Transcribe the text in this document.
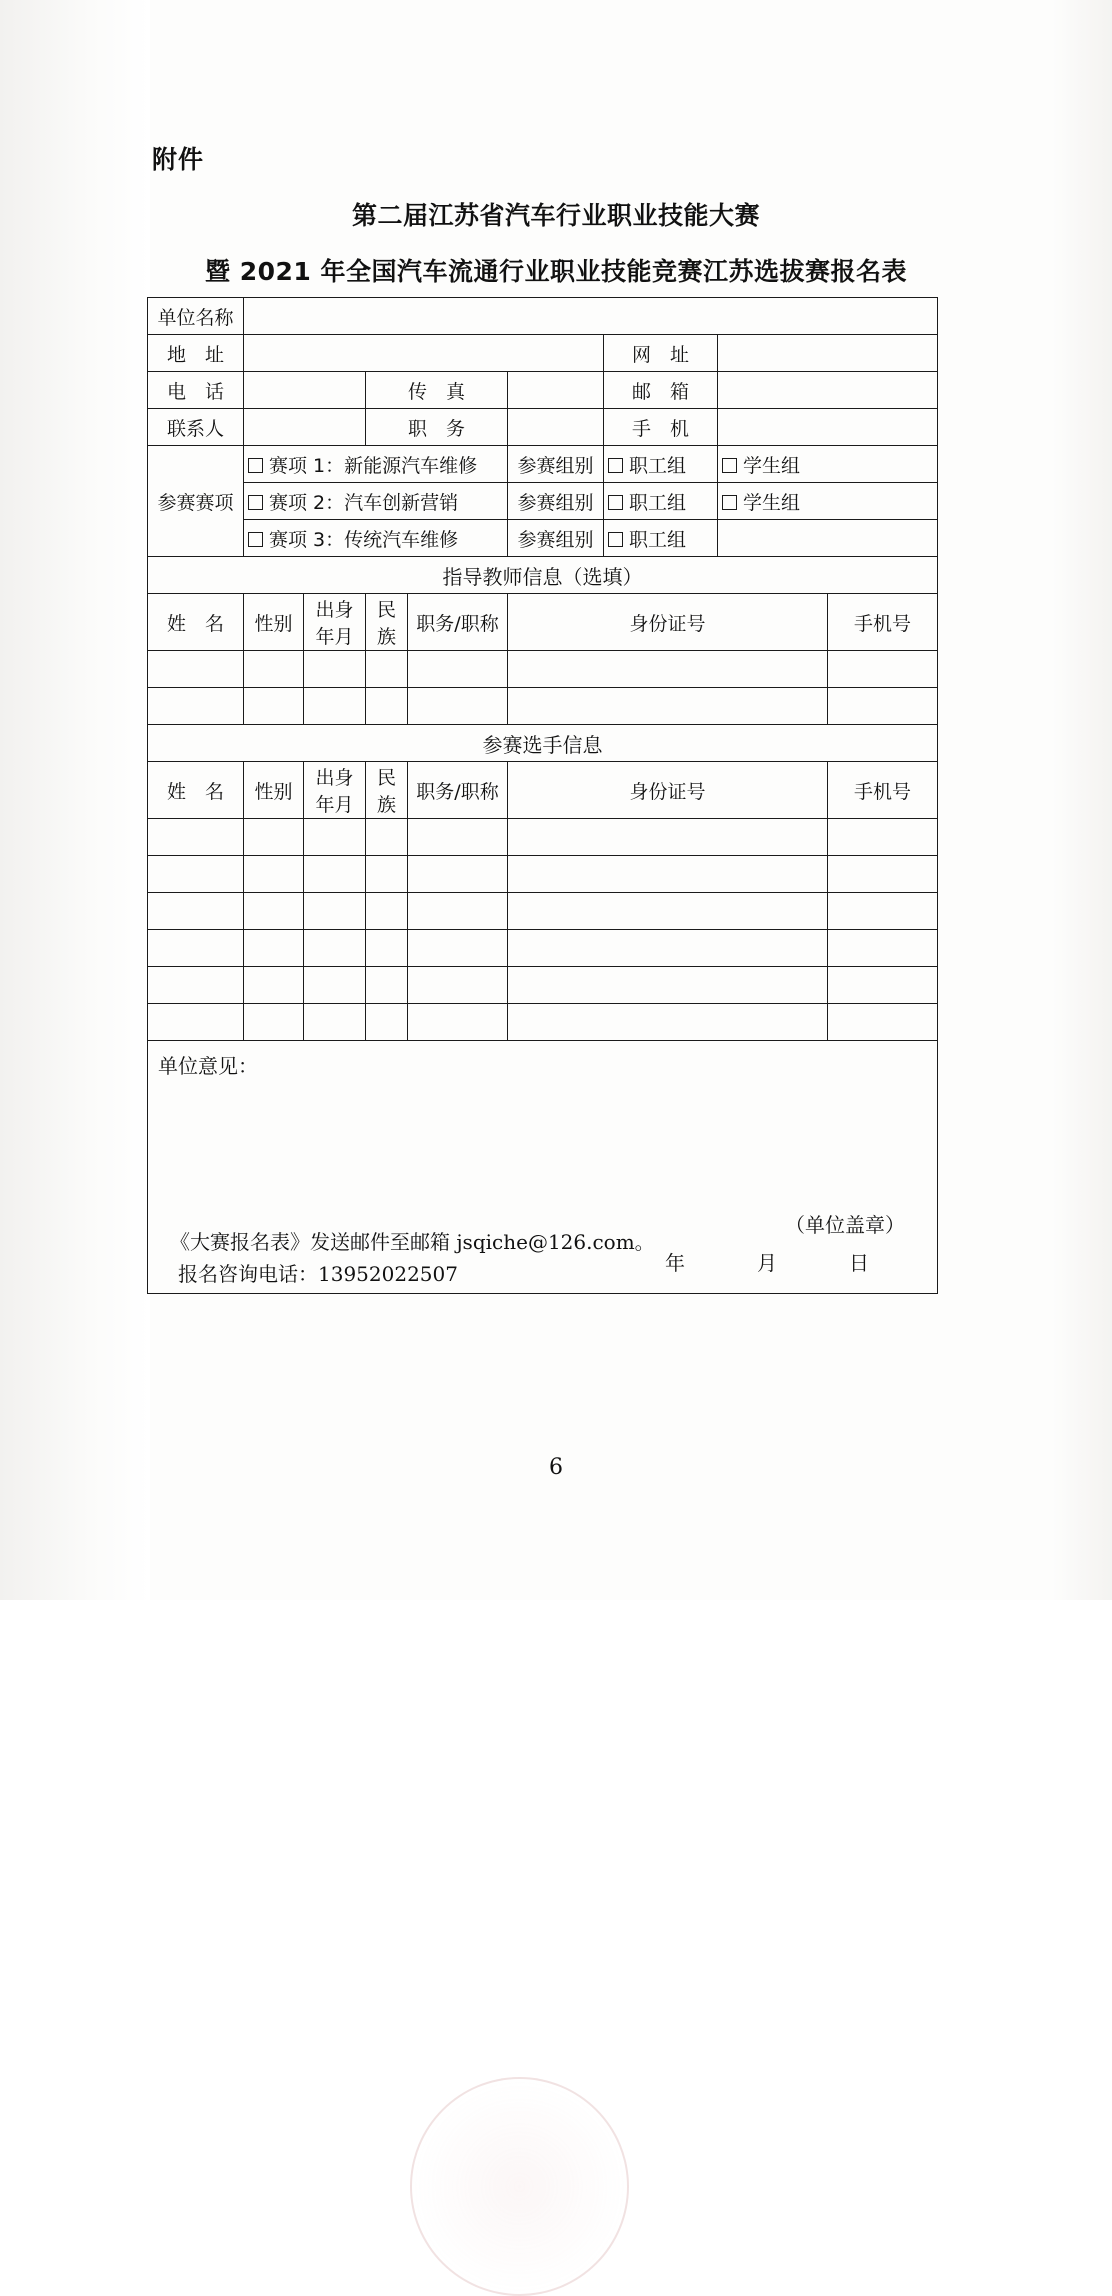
附件
第二届江苏省汽车行业职业技能大赛
暨 2021 年全国汽车流通行业职业技能竞赛江苏选拔赛报名表
单位名称								
地　址						网　址		
电　话			传　真			邮　箱		
联系人			职　务			手　机		
参赛赛项	赛项 1：新能源汽车维修				参赛组别	职工组	学生组	
	赛项 2：汽车创新营销				参赛组别	职工组	学生组	
	赛项 3：传统汽车维修				参赛组别	职工组		
指导教师信息（选填）								
姓　名	性别	出身年月	民族	职务/职称	身份证号			手机号

参赛选手信息								
姓　名	性别	出身年月	民族	职务/职称	身份证号			手机号

单位意见：
（单位盖章）
年　月　日								
《大赛报名表》发送邮件至邮箱 jsqiche@126.com。
报名咨询电话：13952022507
6
